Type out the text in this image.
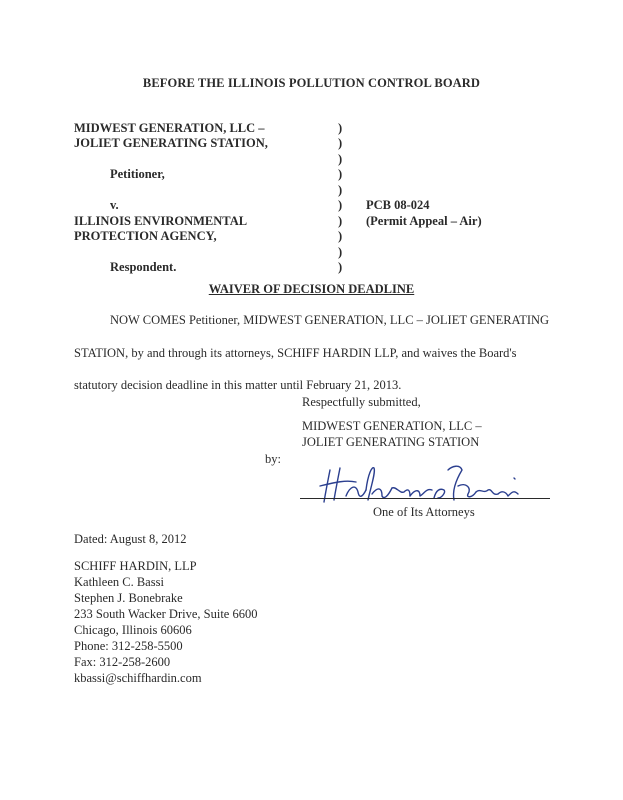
BEFORE THE ILLINOIS POLLUTION CONTROL BOARD
MIDWEST GENERATION, LLC –
JOLIET GENERATING STATION,
Petitioner,
v.
ILLINOIS ENVIRONMENTAL
PROTECTION AGENCY,
Respondent.
)
)
)
)
)
)
)
)
)
)
PCB 08-024
(Permit Appeal – Air)
WAIVER OF DECISION DEADLINE
NOW COMES Petitioner, MIDWEST GENERATION, LLC – JOLIET GENERATING
STATION, by and through its attorneys, SCHIFF HARDIN LLP, and waives the Board's
statutory decision deadline in this matter until February 21, 2013.
Respectfully submitted,
MIDWEST GENERATION, LLC –
JOLIET GENERATING STATION
by:
One of Its Attorneys
Dated: August 8, 2012
SCHIFF HARDIN, LLP
Kathleen C. Bassi
Stephen J. Bonebrake
233 South Wacker Drive, Suite 6600
Chicago, Illinois 60606
Phone: 312-258-5500
Fax: 312-258-2600
kbassi@schiffhardin.com
